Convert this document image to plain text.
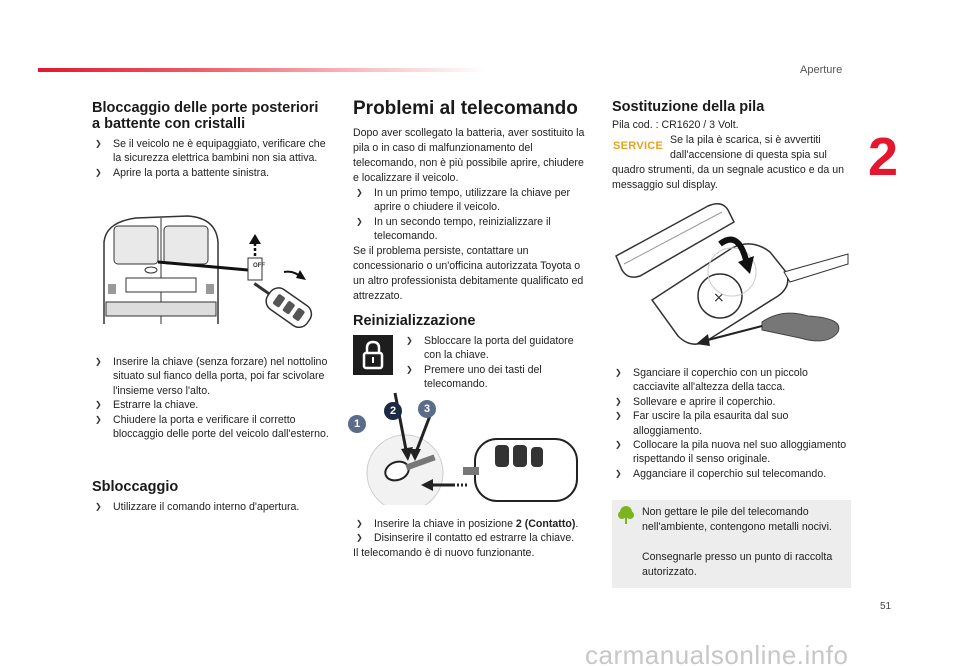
Aperture
2
Bloccaggio delle porte posteriori
a battente con cristalli
❯ Se il veicolo ne è equipaggiato, verificare che la sicurezza elettrica bambini non sia attiva.
❯ Aprire la porta a battente sinistra.
OFF
❯ Inserire la chiave (senza forzare) nel nottolino situato sul fianco della porta, poi far scivolare l'insieme verso l'alto.
❯ Estrarre la chiave.
❯ Chiudere la porta e verificare il corretto bloccaggio delle porte del veicolo dall'esterno.
Sbloccaggio
❯ Utilizzare il comando interno d'apertura.
Problemi al telecomando

Dopo aver scollegato la batteria, aver sostituito la pila o in caso di malfunzionamento del telecomando, non è più possibile aprire, chiudere e localizzare il veicolo.

❯ In un primo tempo, utilizzare la chiave per aprire o chiudere il veicolo.
❯ In un secondo tempo, reinizializzare il telecomando.

Se il problema persiste, contattare un concessionario o un'officina autorizzata Toyota o un altro professionista debitamente qualificato ed attrezzato.

Reinizializzazione
❯ Sbloccare la porta del guidatore con la chiave.
❯ Premere uno dei tasti del telecomando.
1
2	3
❯ Inserire la chiave in posizione 2 (Contatto).
❯ Disinserire il contatto ed estrarre la chiave.

Il telecomando è di nuovo funzionante.

Sostituzione della pila

Pila cod. : CR1620 / 3 Volt.

SERVICE Se la pila è scarica, si è avvertiti

dall'accensione di questa spia sul

quadro strumenti, da un segnale acustico e da un messaggio sul display.

×
❯ Sganciare il coperchio con un piccolo cacciavite all'altezza della tacca.
❯ Sollevare e aprire il coperchio.
❯ Far uscire la pila esaurita dal suo alloggiamento.
❯ Collocare la pila nuova nel suo alloggiamento rispettando il senso originale.
❯ Agganciare il coperchio sul telecomando.

Non gettare le pile del telecomando nell'ambiente, contengono metalli nocivi.

Consegnarle presso un punto di raccolta autorizzato.

51
carmanualsonline.info
